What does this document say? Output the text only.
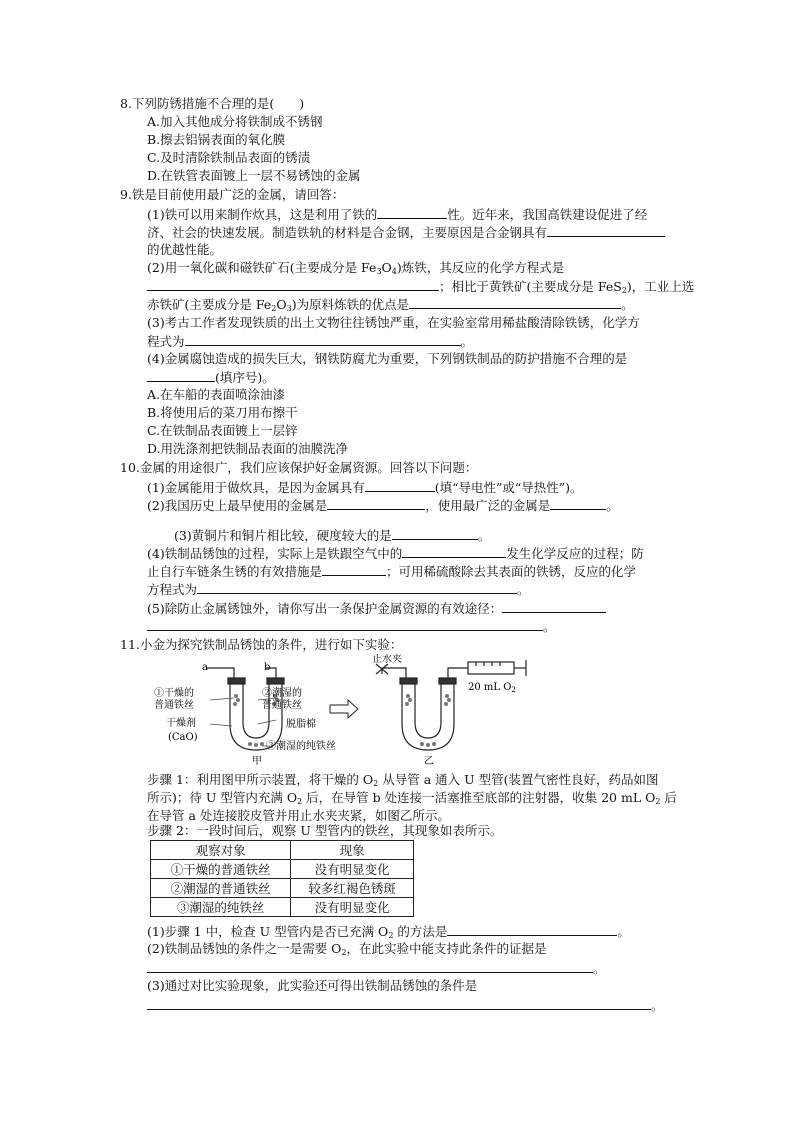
8.下列防锈措施不合理的是(　　)
A.加入其他成分将铁制成不锈钢
B.擦去铝锅表面的氧化膜
C.及时清除铁制品表面的锈渍
D.在铁管表面镀上一层不易锈蚀的金属
9.铁是目前使用最广泛的金属，请回答：
(1)铁可以用来制作炊具，这是利用了铁的	性。近年来，我国高铁建设促进了经
济、社会的快速发展。制造铁轨的材料是合金钢，主要原因是合金钢具有
的优越性能。
(2)用一氧化碳和磁铁矿石(主要成分是 $Fe_3O_4$)炼铁，其反应的化学方程式是
；相比于黄铁矿(主要成分是 FeS$_2$)，工业上选
赤铁矿(主要成分是 $Fe_2O_3$)为原料炼铁的优点是	。
(3)考古工作者发现铁质的出土文物往往锈蚀严重，在实验室常用稀盐酸清除铁锈，化学方
程式为	。
(4)金属腐蚀造成的损失巨大，钢铁防腐尤为重要，下列钢铁制品的防护措施不合理的是
(填序号)。
A.在车船的表面喷涂油漆
B.将使用后的菜刀用布擦干
C.在铁制品表面镀上一层锌
D.用洗涤剂把铁制品表面的油膜洗净
10.金属的用途很广，我们应该保护好金属资源。回答以下问题：
(1)金属能用于做炊具，是因为金属具有	(填“导电性”或“导热性”)。
(2)我国历史上最早使用的金属是	，使用最广泛的金属是	。
(3)黄铜片和铜片相比较，硬度较大的是	。
(4)铁制品锈蚀的过程，实际上是铁跟空气中的	发生化学反应的过程；防
止自行车链条生锈的有效措施是	；可用稀硫酸除去其表面的铁锈，反应的化学
方程式为	。
(5)除防止金属锈蚀外，请你写出一条保护金属资源的有效途径：
。
11.小金为探究铁制品锈蚀的条件，进行如下实验：
a	b
①干燥的
普通铁丝
②潮湿的
普通铁丝
干燥剂
(CaO)
脱脂棉
③潮湿的纯铁丝
甲
止水夹
20 mL $O_2$
乙
步骤 1：利用图甲所示装置，将干燥的 $O_2$ 从导管 a 通入 U 型管(装置气密性良好，药品如图
所示)；待 U 型管内充满 $O_2$ 后，在导管 b 处连接一活塞推至底部的注射器，收集 20 mL $O_2$ 后
在导管 a 处连接胶皮管并用止水夹夹紧，如图乙所示。
步骤 2：一段时间后，观察 U 型管内的铁丝，其现象如表所示。
观察对象	现象
①干燥的普通铁丝	没有明显变化
②潮湿的普通铁丝	较多红褐色锈斑
③潮湿的纯铁丝	没有明显变化
(1)步骤 1 中，检查 U 型管内是否已充满 $O_2$ 的方法是	。
(2)铁制品锈蚀的条件之一是需要 $O_2$，在此实验中能支持此条件的证据是
。
(3)通过对比实验现象，此实验还可得出铁制品锈蚀的条件是
。
